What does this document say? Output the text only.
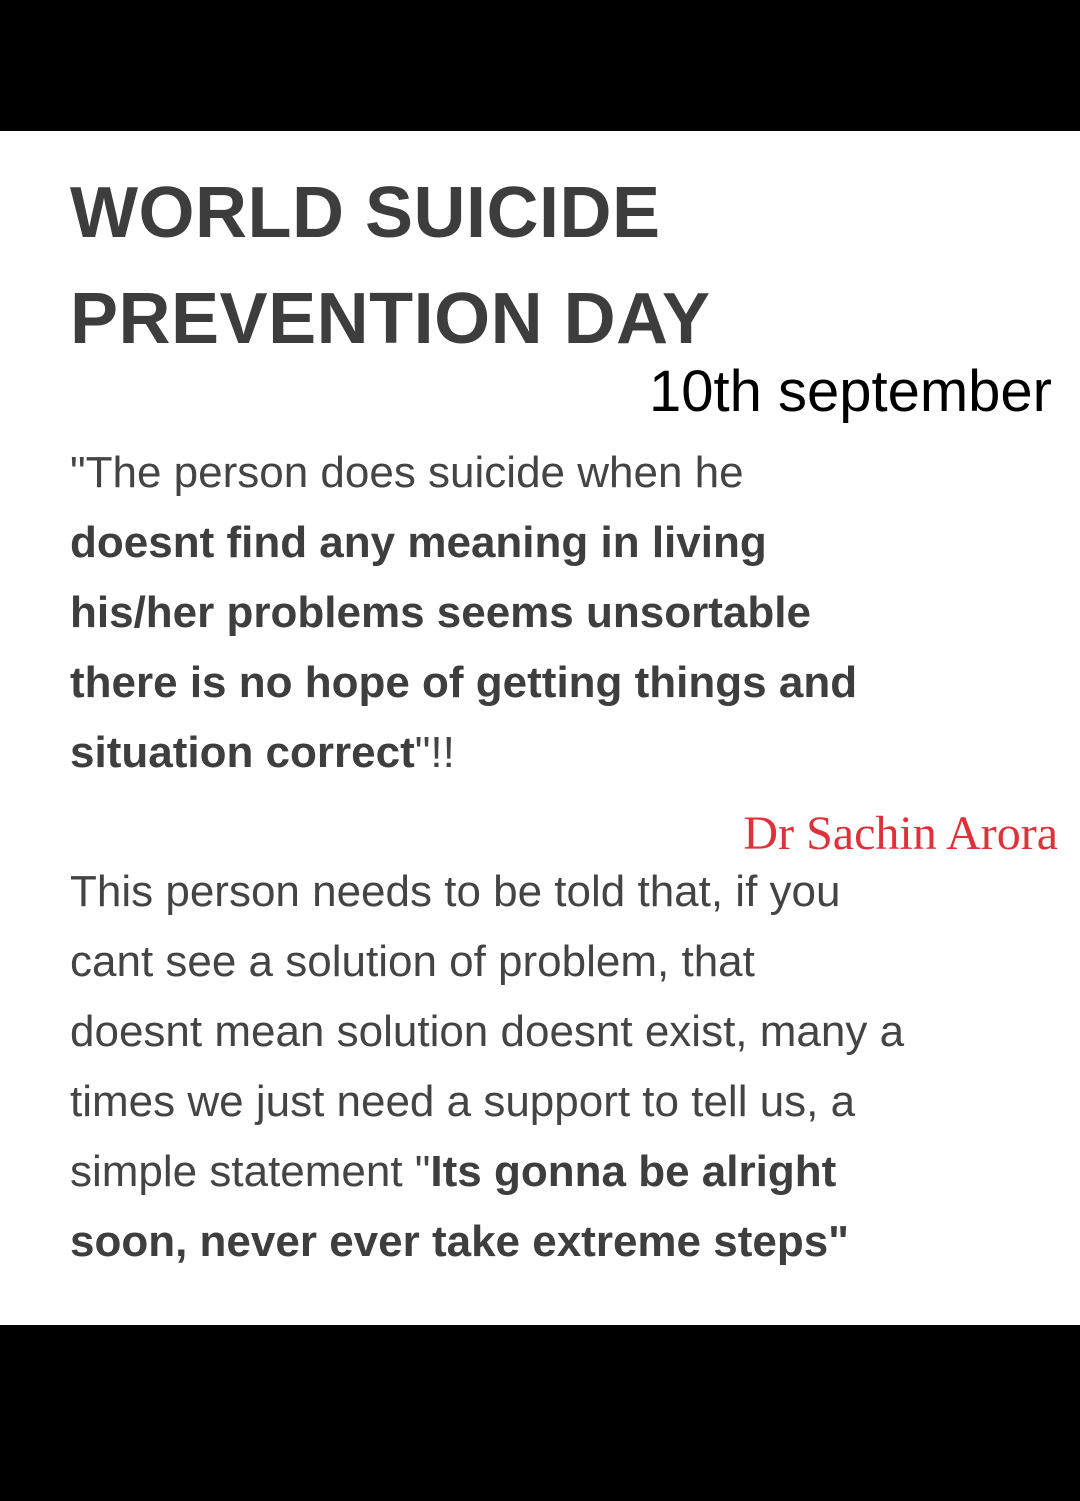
WORLD SUICIDE
PREVENTION DAY
10th september

"The person does suicide when he
doesnt find any meaning in living
his/her problems seems unsortable
there is no hope of getting things and
situation correct"!!

Dr Sachin Arora

This person needs to be told that, if you
cant see a solution of problem, that
doesnt mean solution doesnt exist, many a
times we just need a support to tell us, a
simple statement "Its gonna be alright
soon, never ever take extreme steps"
